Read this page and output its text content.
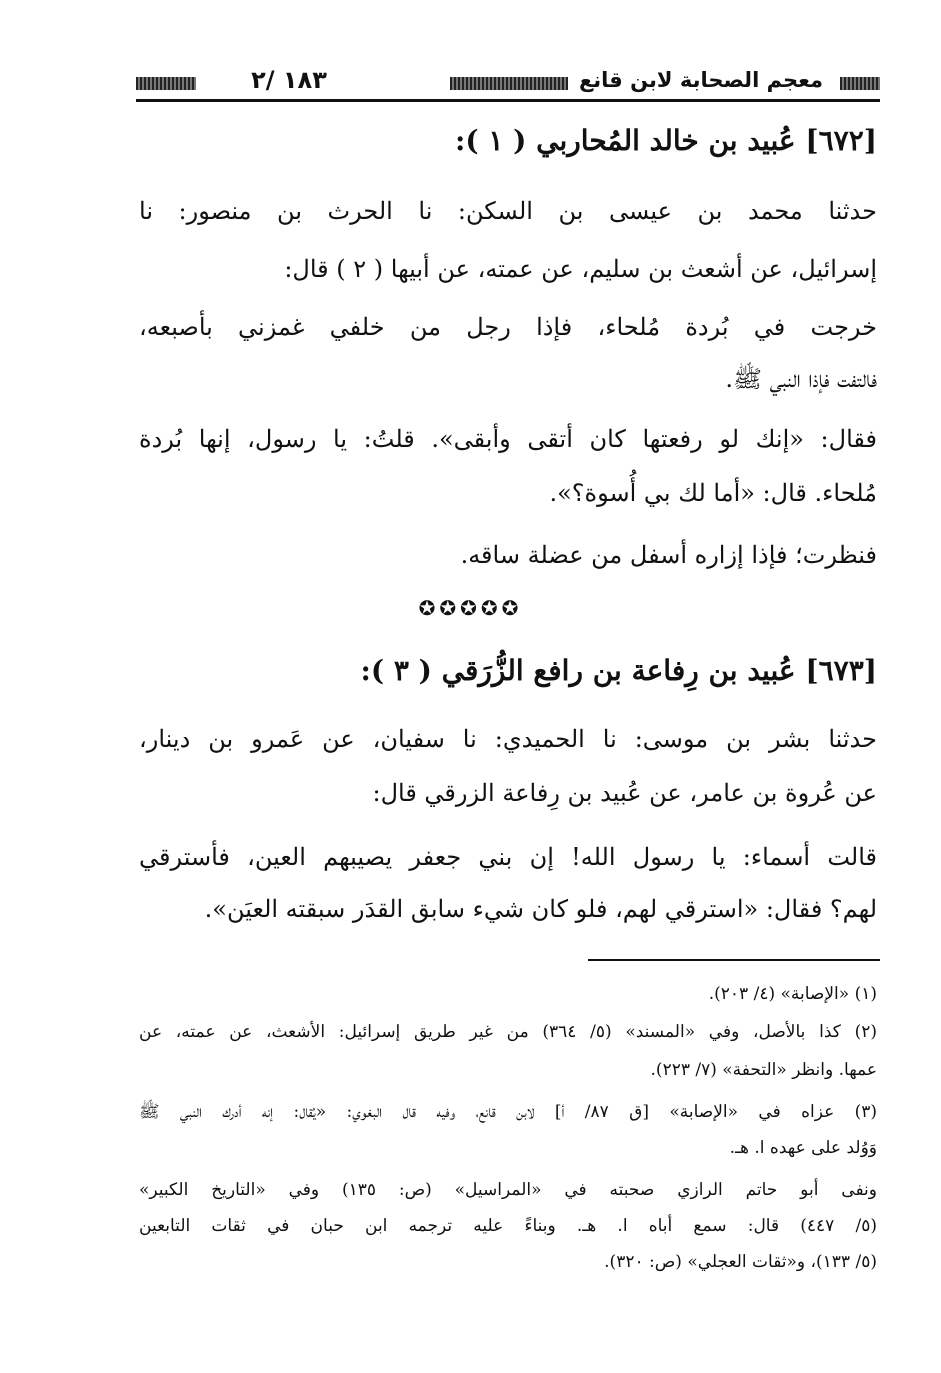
معجم الصحابة لابن قانع
١٨٣ /٢
[٦٧٢] عُبيد بن خالد المُحاربي ( ١ ):
حدثنا محمد بن عيسى بن السكن: نا الحرث بن منصور: نا
إسرائيل، عن أشعث بن سليم، عن عمته، عن أبيها ( ٢ ) قال:
خرجت في بُردة مُلحاء، فإذا رجل من خلفي غمزني بأصبعه،
فالتفت فإذا النبي ﷺ.
فقال: «إنك لو رفعتها كان أتقى وأبقى». قلتُ: يا رسول، إنها بُردة
مُلحاء. قال: «أما لك بي أُسوة؟».
فنظرت؛ فإذا إزاره أسفل من عضلة ساقه.
✪✪✪✪✪
[٦٧٣] عُبيد بن رِفاعة بن رافع الزُّرَقي ( ٣ ):
حدثنا بشر بن موسى: نا الحميدي: نا سفيان، عن عَمرو بن دينار،
عن عُروة بن عامر، عن عُبيد بن رِفاعة الزرقي قال:
قالت أسماء: يا رسول الله! إن بني جعفر يصيبهم العين، فأسترقي
لهم؟ فقال: «استرقي لهم، فلو كان شيء سابق القدَر سبقته العيَن».
(١) «الإصابة» (٤/ ٢٠٣).
(٢) كذا بالأصل، وفي «المسند» (٥/ ٣٦٤) من غير طريق إسرائيل: الأشعث، عن عمته، عن
عمها. وانظر «التحفة» (٧/ ٢٢٣).
(٣) عزاه في «الإصابة» [ق ٨٧/ أ] لابن قانع، وفيه قال البغوي: «يُقال: إنه أدرك النبي ﷺ
وَوُلد على عهده ا. هـ.
ونفى أبو حاتم الرازي صحبته في «المراسيل» (ص: ١٣٥) وفي «التاريخ الكبير»
(٥/ ٤٤٧) قال: سمع أباه ا. هـ. وبناءً عليه ترجمه ابن حبان في ثقات التابعين
(٥/ ١٣٣)، و«ثقات العجلي» (ص: ٣٢٠).
